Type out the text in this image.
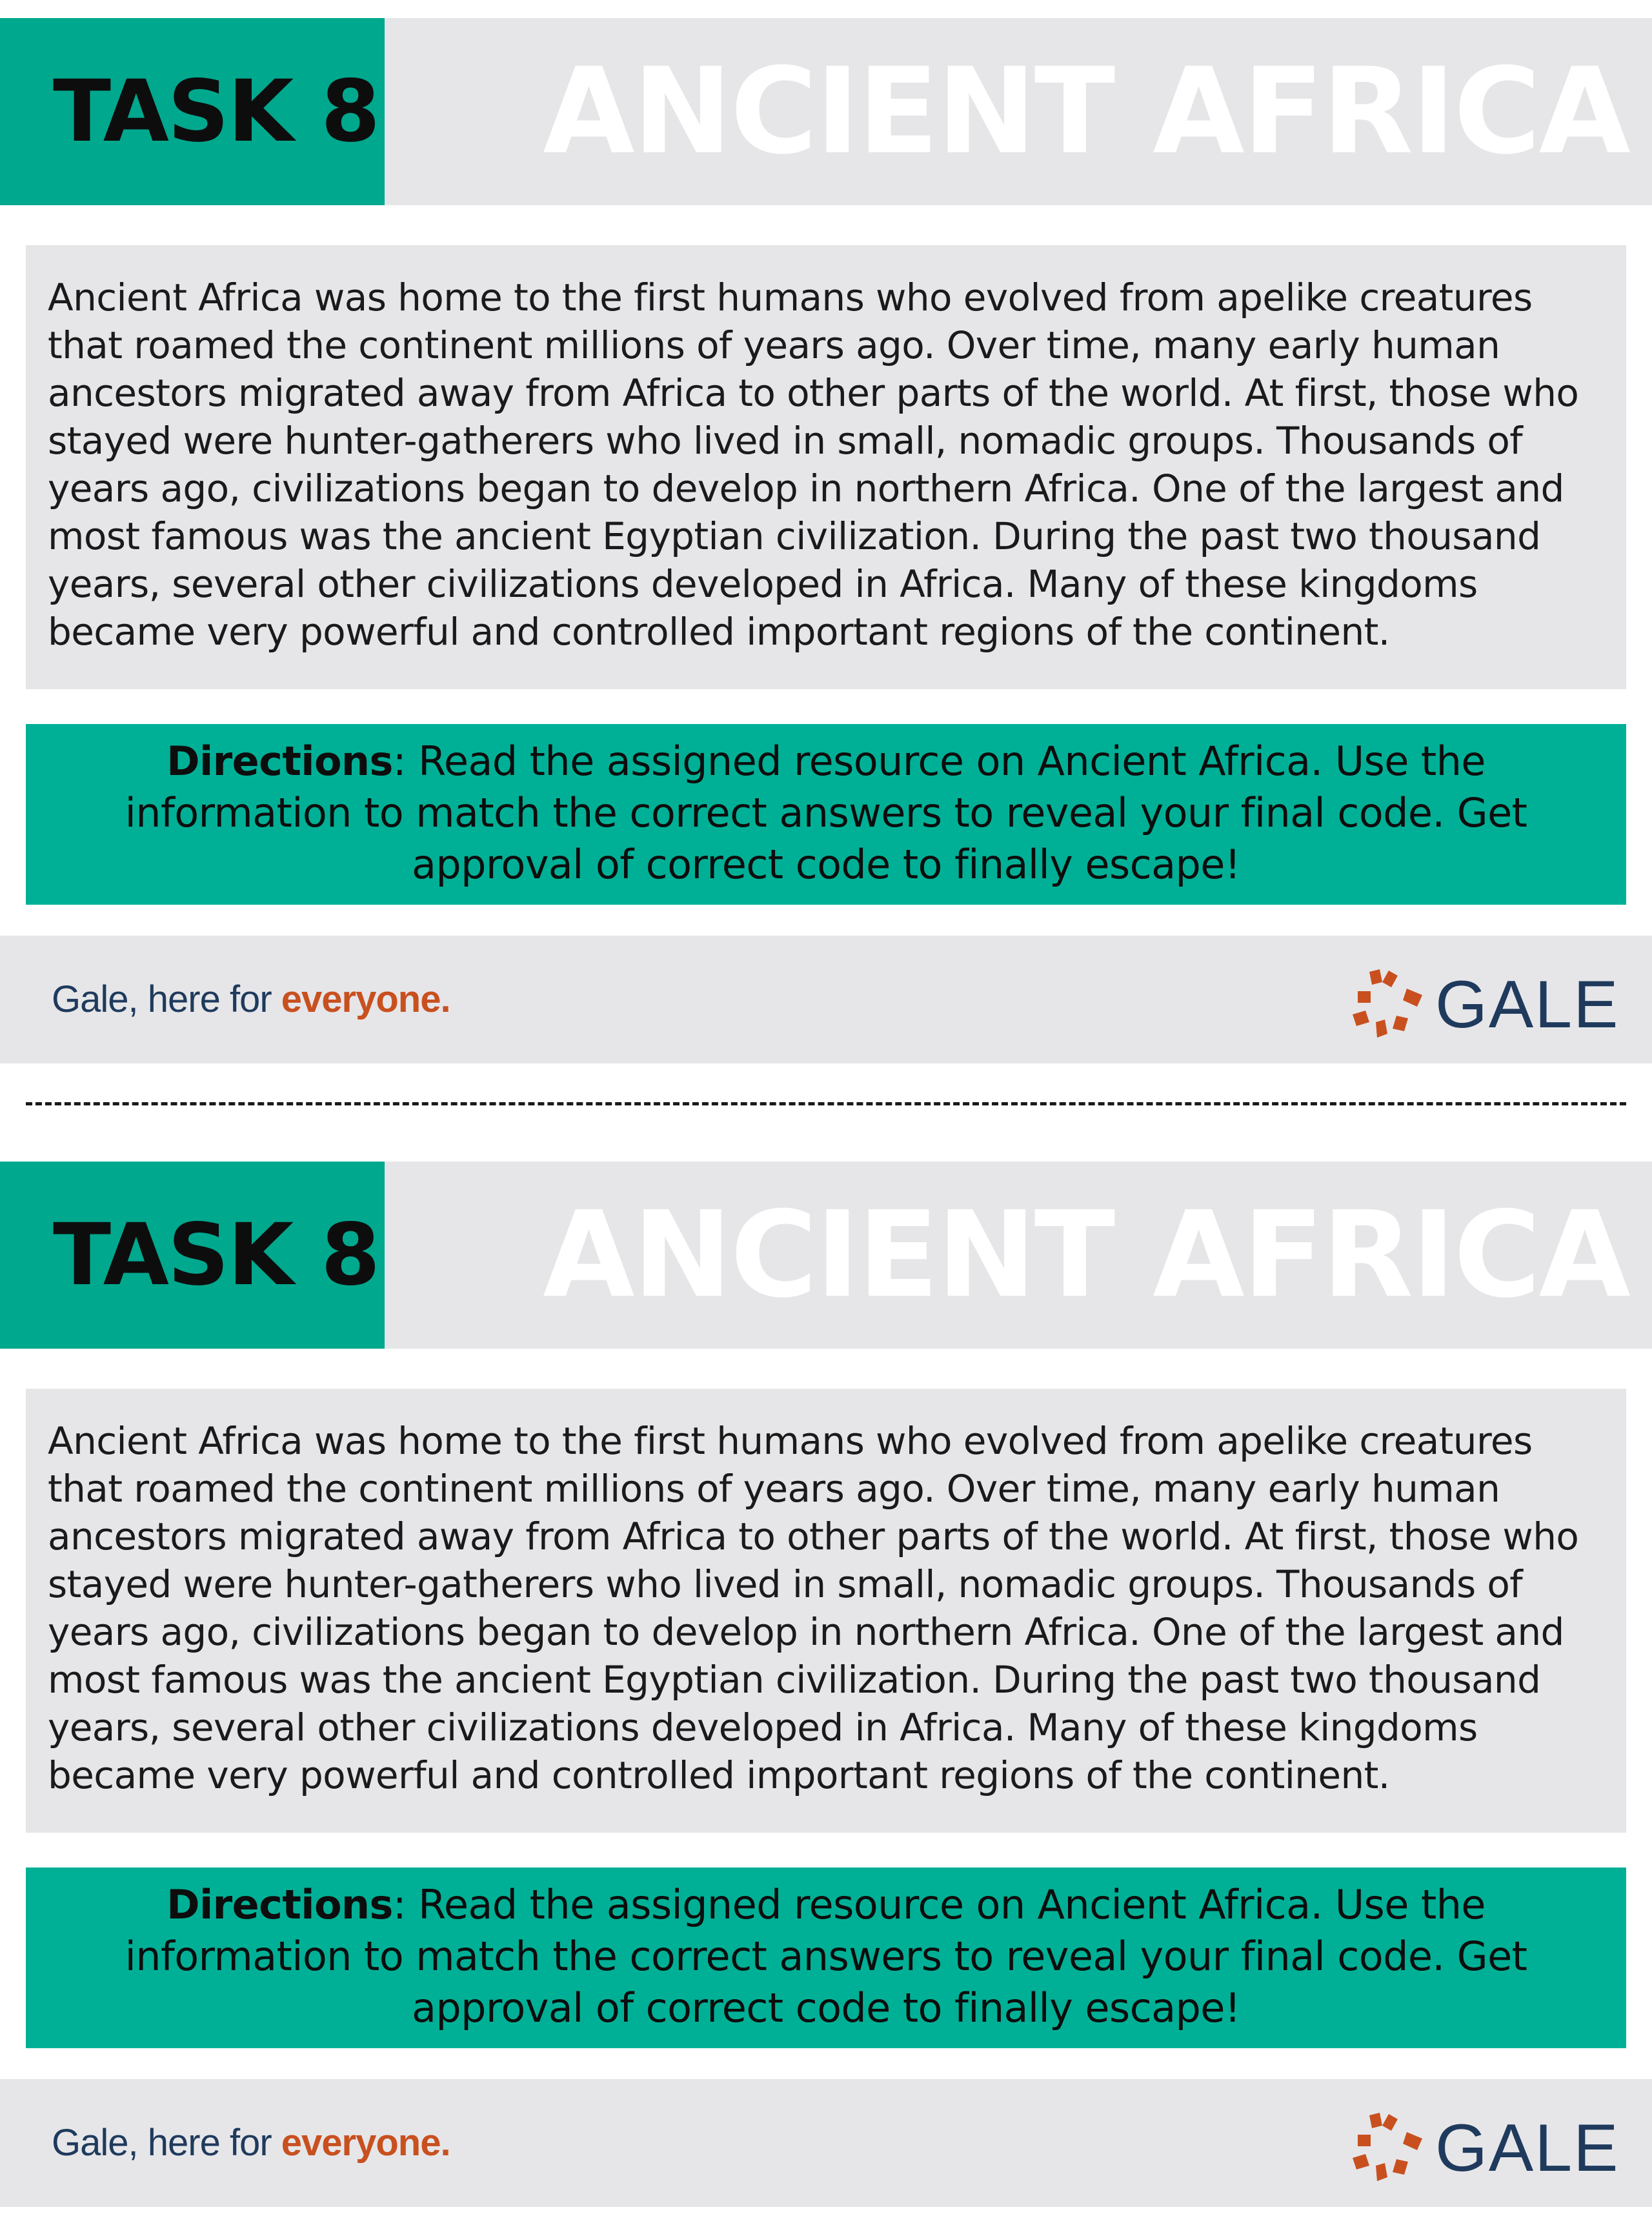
TASK 8 ANCIENT AFRICA

Ancient Africa was home to the first humans who evolved from apelike creatures that roamed the continent millions of years ago. Over time, many early human ancestors migrated away from Africa to other parts of the world. At first, those who stayed were hunter-gatherers who lived in small, nomadic groups. Thousands of years ago, civilizations began to develop in northern Africa. One of the largest and most famous was the ancient Egyptian civilization. During the past two thousand years, several other civilizations developed in Africa. Many of these kingdoms became very powerful and controlled important regions of the continent.

Directions: Read the assigned resource on Ancient Africa. Use the information to match the correct answers to reveal your final code. Get approval of correct code to finally escape!

Gale, here for everyone.	GALE
TASK 8 ANCIENT AFRICA

Ancient Africa was home to the first humans who evolved from apelike creatures that roamed the continent millions of years ago. Over time, many early human ancestors migrated away from Africa to other parts of the world. At first, those who stayed were hunter-gatherers who lived in small, nomadic groups. Thousands of years ago, civilizations began to develop in northern Africa. One of the largest and most famous was the ancient Egyptian civilization. During the past two thousand years, several other civilizations developed in Africa. Many of these kingdoms became very powerful and controlled important regions of the continent.

Directions: Read the assigned resource on Ancient Africa. Use the information to match the correct answers to reveal your final code. Get approval of correct code to finally escape!

Gale, here for everyone.	GALE
